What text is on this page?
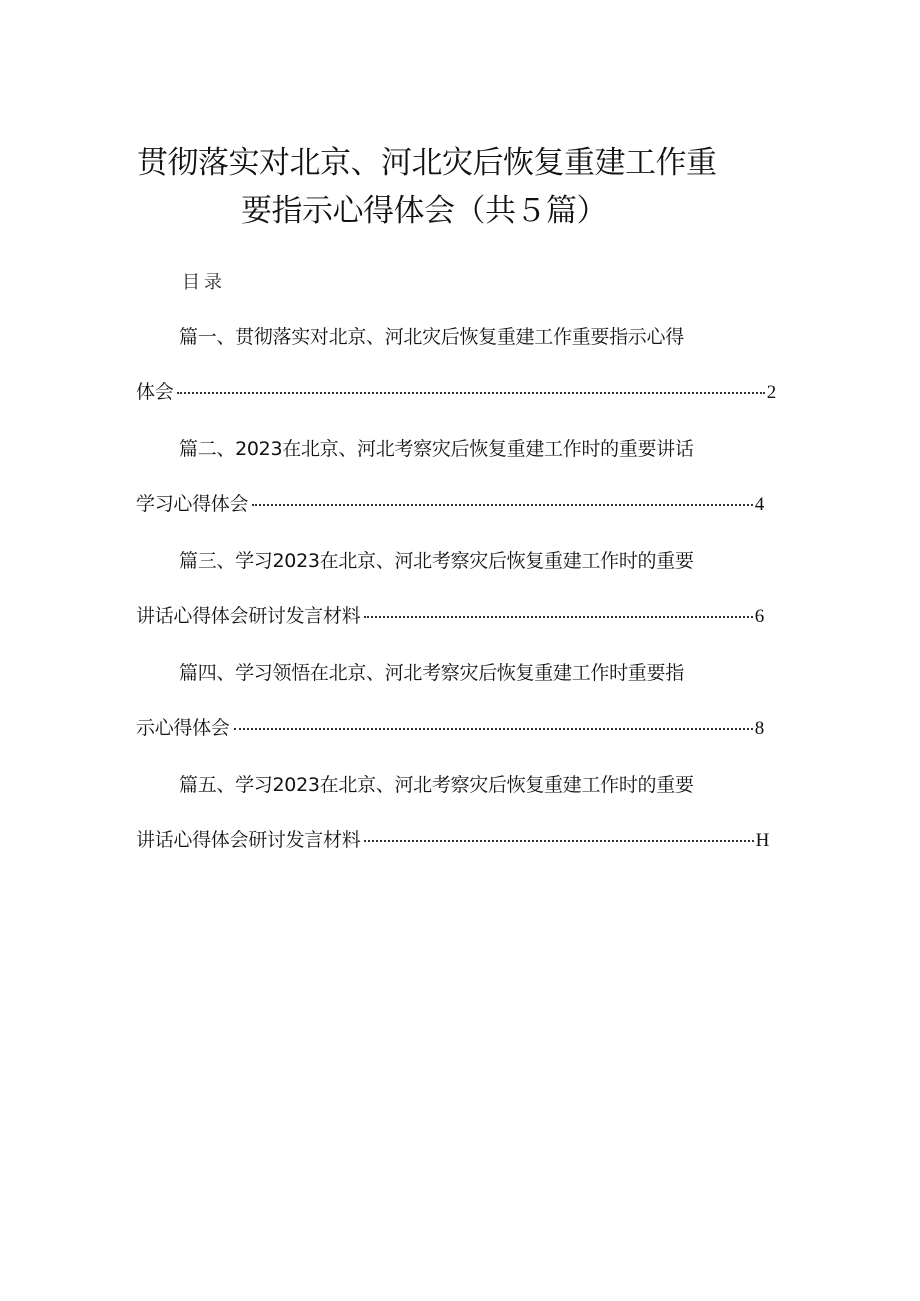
贯彻落实对北京、河北灾后恢复重建工作重
要指示心得体会（共５篇）
目录
篇一、贯彻落实对北京、河北灾后恢复重建工作重要指示心得
体会	2
篇二、2023在北京、河北考察灾后恢复重建工作时的重要讲话
学习心得体会	4
篇三、学习2023在北京、河北考察灾后恢复重建工作时的重要
讲话心得体会研讨发言材料	6
篇四、学习领悟在北京、河北考察灾后恢复重建工作时重要指
示心得体会	8
篇五、学习2023在北京、河北考察灾后恢复重建工作时的重要
讲话心得体会研讨发言材料	H
